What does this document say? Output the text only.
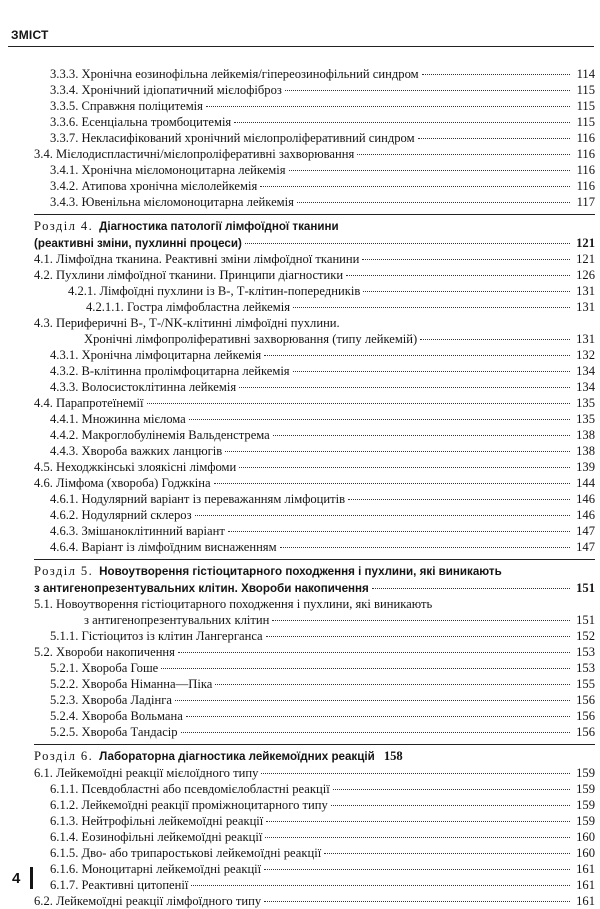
ЗМІСТ
3.3.3. Хронічна еозинофільна лейкемія/гіпереозинофільний синдром	114
3.3.4. Хронічний ідіопатичний мієлофіброз	115
3.3.5. Справжня поліцитемія	115
3.3.6. Есенціальна тромбоцитемія	115
3.3.7. Некласифікований хронічний мієлопроліферативний синдром	116
3.4. Мієлодиспластичні/мієлопроліферативні захворювання	116
3.4.1. Хронічна мієломоноцитарна лейкемія	116
3.4.2. Атипова хронічна мієлолейкемія	116
3.4.3. Ювенільна мієломоноцитарна лейкемія	117
Розділ 4. Діагностика патології лімфоїдної тканини
(реактивні зміни, пухлинні процеси)	121
4.1. Лімфоїдна тканина. Реактивні зміни лімфоїдної тканини	121
4.2. Пухлини лімфоїдної тканини. Принципи діагностики	126
4.2.1. Лімфоїдні пухлини із В-, Т-клітин-попередників	131
4.2.1.1. Гостра лімфобластна лейкемія	131
4.3. Периферичні В-, Т-/NK-клітинні лімфоїдні пухлини.
Хронічні лімфопроліферативні захворювання (типу лейкемій)	131
4.3.1. Хронічна лімфоцитарна лейкемія	132
4.3.2. В-клітинна пролімфоцитарна лейкемія	134
4.3.3. Волосистоклітинна лейкемія	134
4.4. Парапротеїнемії	135
4.4.1. Множинна мієлома	135
4.4.2. Макроглобулінемія Вальденстрема	138
4.4.3. Хвороба важких ланцюгів	138
4.5. Неходжкінські злоякісні лімфоми	139
4.6. Лімфома (хвороба) Годжкіна	144
4.6.1. Нодулярний варіант із переважанням лімфоцитів	146
4.6.2. Нодулярний склероз	146
4.6.3. Змішаноклітинний варіант	147
4.6.4. Варіант із лімфоїдним виснаженням	147
Розділ 5. Новоутворення гістіоцитарного походження і пухлини, які виникають
з антигенопрезентувальних клітин. Хвороби накопичення	151
5.1. Новоутворення гістіоцитарного походження і пухлини, які виникають
з антигенопрезентувальних клітин	151
5.1.1. Гістіоцитоз із клітин Лангерганса	152
5.2. Хвороби накопичення	153
5.2.1. Хвороба Гоше	153
5.2.2. Хвороба Німанна—Піка	155
5.2.3. Хвороба Ладінга	156
5.2.4. Хвороба Вольмана	156
5.2.5. Хвороба Тандасір	156
Розділ 6. Лабораторна діагностика лейкемоїдних реакцій 158
6.1. Лейкемоїдні реакції мієлоїдного типу	159
6.1.1. Псевдобластні або псевдомієлобластні реакції	159
6.1.2. Лейкемоїдні реакції проміжноцитарного типу	159
6.1.3. Нейтрофільні лейкемоїдні реакції	159
6.1.4. Еозинофільні лейкемоїдні реакції	160
6.1.5. Дво- або трипаростькові лейкемоїдні реакції	160
6.1.6. Моноцитарні лейкемоїдні реакції	161
6.1.7. Реактивні цитопенії	161
6.2. Лейкемоїдні реакції лімфоїдного типу	161
4
